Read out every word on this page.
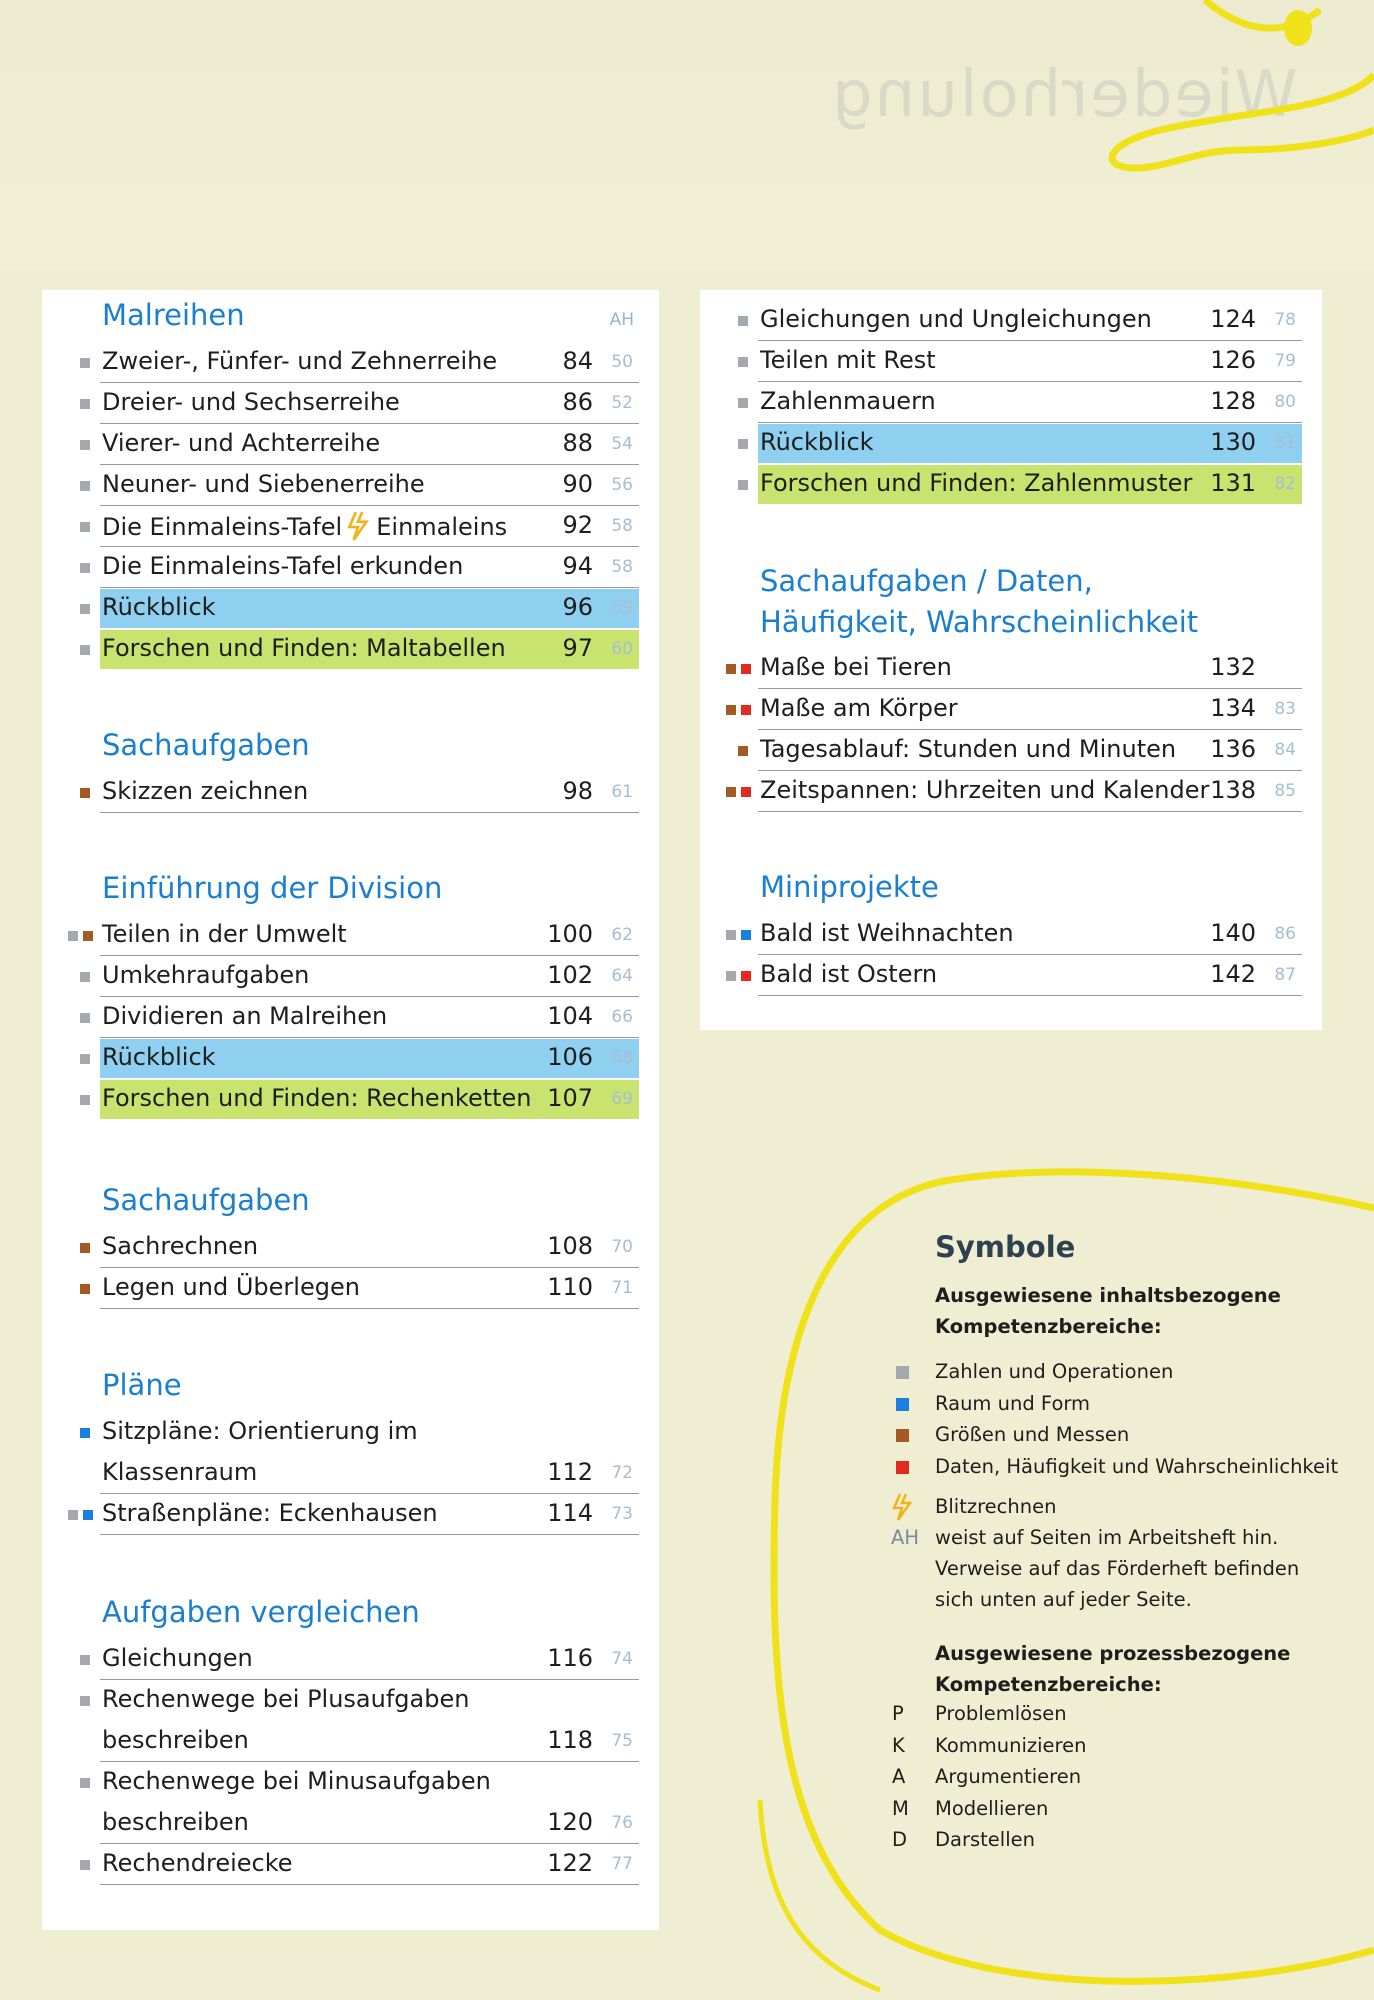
Wiederholung
Malreihen	AH
Zweier-, Fünfer- und Zehnerreihe	84	50
Dreier- und Sechserreihe	86	52
Vierer- und Achterreihe	88	54
Neuner- und Siebenerreihe	90	56
Die Einmaleins-Tafel Einmaleins 92	58
Die Einmaleins-Tafel erkunden	94	58
Rückblick	96	59
Forschen und Finden: Maltabellen 97	60
Sachaufgaben
Skizzen zeichnen	98	61
Einführung der Division
Teilen in der Umwelt	100	62
Umkehraufgaben	102	64
Dividieren an Malreihen	104	66
Rückblick	106	68
Forschen und Finden: Rechenketten 107	69
Sachaufgaben
Sachrechnen	108	70
Legen und Überlegen	110	71
Pläne
Sitzpläne: Orientierung im
Klassenraum	112	72
Straßenpläne: Eckenhausen	114	73
Aufgaben vergleichen
Gleichungen	116	74
Rechenwege bei Plusaufgaben
beschreiben	118	75
Rechenwege bei Minusaufgaben
beschreiben	120	76
Rechendreiecke	122	77
Gleichungen und Ungleichungen 124	78
Teilen mit Rest	126	79
Zahlenmauern	128	80
Rückblick	130	81
Forschen und Finden: Zahlenmuster 131	82
Sachaufgaben / Daten,
Häufigkeit, Wahrscheinlichkeit
Maße bei Tieren	132
Maße am Körper	134	83
Tagesablauf: Stunden und Minuten 136	84
Zeitspannen: Uhrzeiten und Kalender 138	85
Miniprojekte
Bald ist Weihnachten	140	86
Bald ist Ostern	142	87
Symbole
Ausgewiesene inhaltsbezogene
Kompetenzbereiche:
Zahlen und Operationen
Raum und Form
Größen und Messen
Daten, Häufigkeit und Wahrscheinlichkeit
Blitzrechnen
AH weist auf Seiten im Arbeitsheft hin.
Verweise auf das Förderheft befinden
sich unten auf jeder Seite.
Ausgewiesene prozessbezogene
Kompetenzbereiche:
P Problemlösen
K Kommunizieren
A Argumentieren
M Modellieren
D Darstellen
